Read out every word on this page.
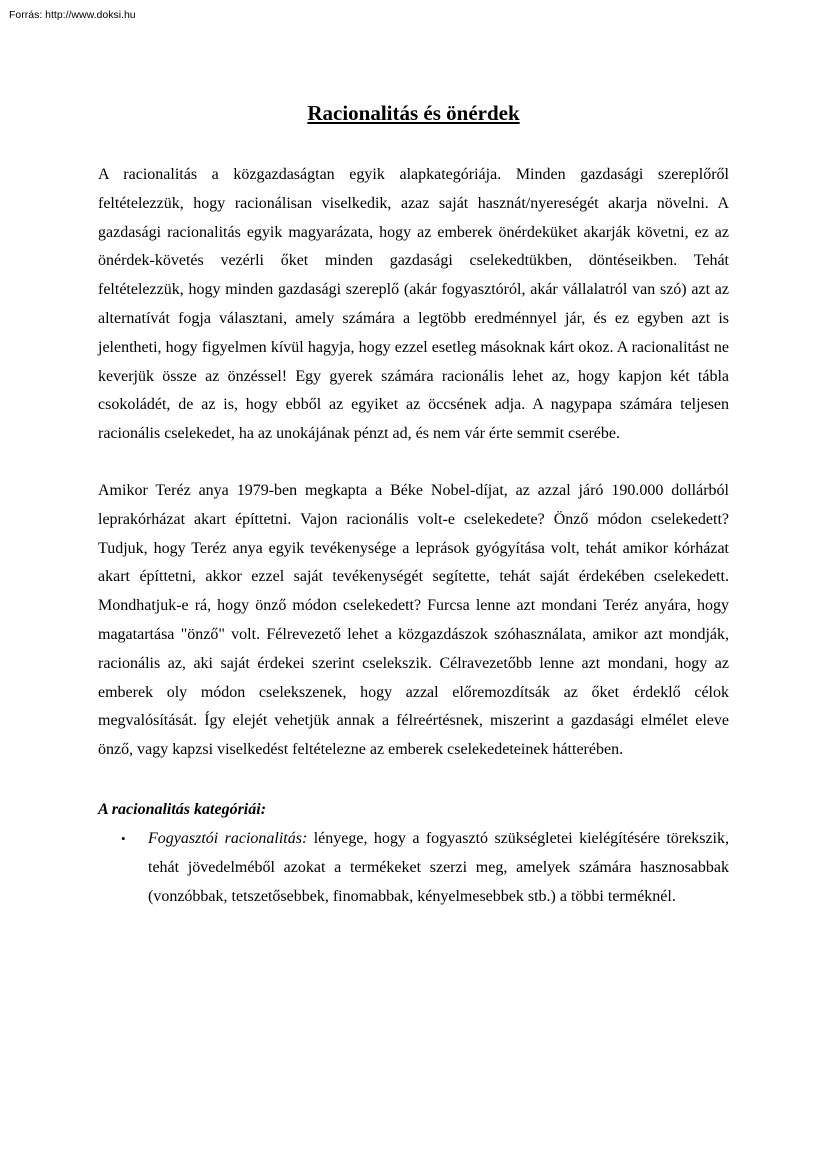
Forrás: http://www.doksi.hu
Racionalitás és önérdek

A racionalitás a közgazdaságtan egyik alapkategóriája. Minden gazdasági szereplőről feltételezzük, hogy racionálisan viselkedik, azaz saját hasznát/nyereségét akarja növelni. A gazdasági racionalitás egyik magyarázata, hogy az emberek önérdeküket akarják követni, ez az önérdek-követés vezérli őket minden gazdasági cselekedtükben, döntéseikben. Tehát feltételezzük, hogy minden gazdasági szereplő (akár fogyasztóról, akár vállalatról van szó) azt az alternatívát fogja választani, amely számára a legtöbb eredménnyel jár, és ez egyben azt is jelentheti, hogy figyelmen kívül hagyja, hogy ezzel esetleg másoknak kárt okoz. A racionalitást ne keverjük össze az önzéssel! Egy gyerek számára racionális lehet az, hogy kapjon két tábla csokoládét, de az is, hogy ebből az egyiket az öccsének adja. A nagypapa számára teljesen racionális cselekedet, ha az unokájának pénzt ad, és nem vár érte semmit cserébe.

Amikor Teréz anya 1979-ben megkapta a Béke Nobel-díjat, az azzal járó 190.000 dollárból leprakórházat akart építtetni. Vajon racionális volt-e cselekedete? Önző módon cselekedett? Tudjuk, hogy Teréz anya egyik tevékenysége a leprások gyógyítása volt, tehát amikor kórházat akart építtetni, akkor ezzel saját tevékenységét segítette, tehát saját érdekében cselekedett. Mondhatjuk-e rá, hogy önző módon cselekedett? Furcsa lenne azt mondani Teréz anyára, hogy magatartása "önző" volt. Félrevezető lehet a közgazdászok szóhasználata, amikor azt mondják, racionális az, aki saját érdekei szerint cselekszik. Célravezetőbb lenne azt mondani, hogy az emberek oly módon cselekszenek, hogy azzal előremozdítsák az őket érdeklő célok megvalósítását. Így elejét vehetjük annak a félreértésnek, miszerint a gazdasági elmélet eleve önző, vagy kapzsi viselkedést feltételezne az emberek cselekedeteinek hátterében.

A racionalitás kategóriái:

• Fogyasztói racionalitás: lényege, hogy a fogyasztó szükségletei kielégítésére törekszik, tehát jövedelméből azokat a termékeket szerzi meg, amelyek számára hasznosabbak (vonzóbbak, tetszetősebbek, finomabbak, kényelmesebbek stb.) a többi terméknél.
